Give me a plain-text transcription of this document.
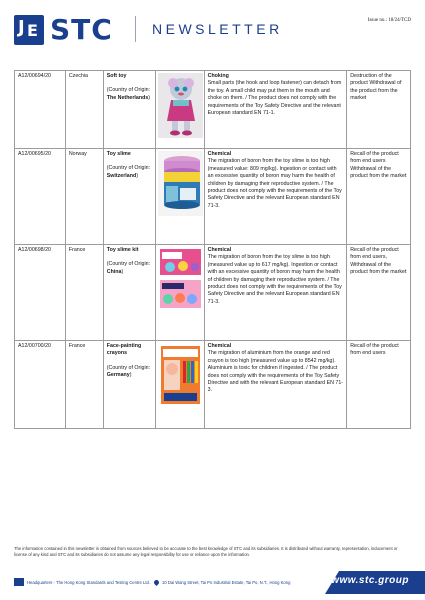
J E STC	NEWSLETTER
Issue no.: 18/24/TCD
A12/00694/20	Czechia	Soft toy
(Country of Origin: The Netherlands)
Choking
Small parts (the hook and loop fastener) can detach from the toy. A small child may put them in the mouth and choke on them. / The product does not comply with the requirements of the Toy Safety Directive and the relevant European standard EN 71-1.
Destruction of the product Withdrawal of the product from the market
A12/00695/20	Norway	Toy slime
(Country of Origin: Switzerland)
Chemical
The migration of boron from the toy slime is too high (measured value: 809 mg/kg). Ingestion or contact with an excessive quantity of boron may harm the health of children by damaging their reproductive system. / The product does not comply with the requirements of the Toy Safety Directive and the relevant European standard EN 71-3.
Recall of the product from end users Withdrawal of the product from the market
A12/00698/20	France	Toy slime kit
(Country of Origin: China)
Chemical
The migration of boron from the toy slime is too high (measured value up to 617 mg/kg). Ingestion or contact with an excessive quantity of boron may harm the health of children by damaging their reproductive system. / The product does not comply with the requirements of the Toy Safety Directive and the relevant European standard EN 71-3.
Recall of the product from end users, Withdrawal of the product from the market
A12/00700/20	France	Face-painting crayons
(Country of Origin: Germany)
Chemical
The migration of aluminium from the orange and red crayon is too high (measured value up to 8542 mg/kg). Aluminium is toxic for children if ingested. / The product does not comply with the requirements of the Toy Safety Directive and with the relevant European standard EN 71-3.
Recall of the product from end users
The information contained in this newsletter is obtained from sources believed to be accurate to the best knowledge of STC and its subsidiaries. It is distributed without warranty, representation, inducement or license of any kind and STC and its subsidiaries do not assume any legal responsibility for use or reliance upon the information.
Headquarters - The Hong Kong Standards and Testing Centre Ltd.	10 Dai Wang Street, Tai Po Industrial Estate, Tai Po, N.T., Hong Kong	www.stc.group
